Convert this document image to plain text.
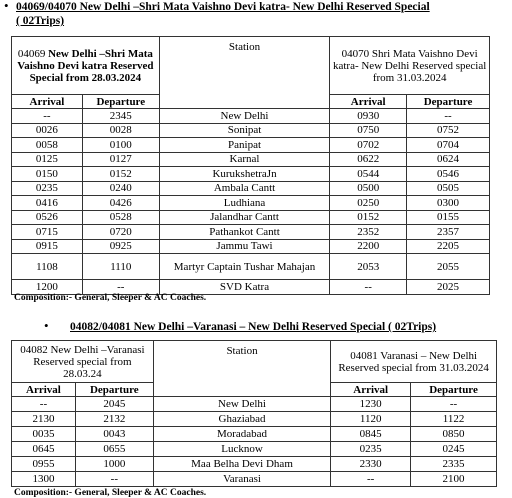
• 04069/04070 New Delhi –Shri Mata Vaishno Devi katra- New Delhi Reserved Special
( 02Trips)
04069 New Delhi –Shri Mata Vaishno Devi katra Reserved Special from 28.03.2024		Station	04070 Shri Mata Vaishno Devi katra- New Delhi Reserved special from 31.03.2024	
Arrival	Departure		Arrival	Departure
--	2345	New Delhi	0930	--
0026	0028	Sonipat	0750	0752
0058	0100	Panipat	0702	0704
0125	0127	Karnal	0622	0624
0150	0152	KurukshetraJn	0544	0546
0235	0240	Ambala Cantt	0500	0505
0416	0426	Ludhiana	0250	0300
0526	0528	Jalandhar Cantt	0152	0155
0715	0720	Pathankot Cantt	2352	2357
0915	0925	Jammu Tawi	2200	2205
1108	1110	Martyr Captain Tushar Mahajan	2053	2055
1200	--	SVD Katra	--	2025
Composition:- General, Sleeper & AC Coaches.
• 04082/04081 New Delhi –Varanasi – New Delhi Reserved Special ( 02Trips)
04082 New Delhi –Varanasi Reserved special from 28.03.24		Station	04081 Varanasi – New Delhi Reserved special from 31.03.2024	
Arrival	Departure		Arrival	Departure
--	2045	New Delhi	1230	--
2130	2132	Ghaziabad	1120	1122
0035	0043	Moradabad	0845	0850
0645	0655	Lucknow	0235	0245
0955	1000	Maa Belha Devi Dham	2330	2335
1300	--	Varanasi	--	2100
Composition:- General, Sleeper & AC Coaches.
